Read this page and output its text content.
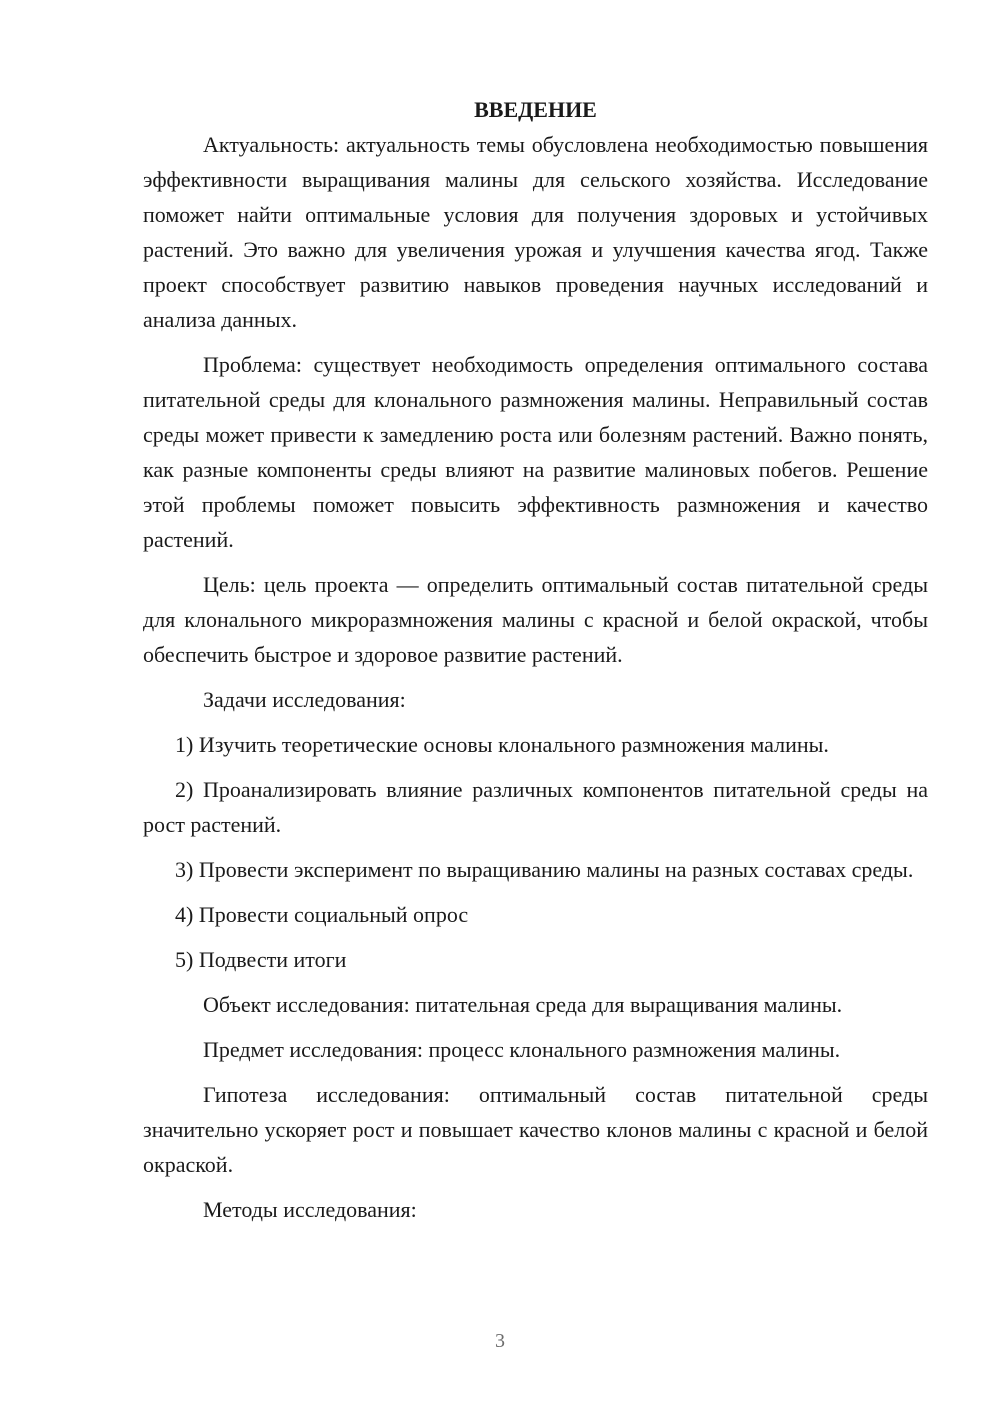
ВВЕДЕНИЕ

Актуальность: актуальность темы обусловлена необходимостью повышения эффективности выращивания малины для сельского хозяйства. Исследование поможет найти оптимальные условия для получения здоровых и устойчивых растений. Это важно для увеличения урожая и улучшения качества ягод. Также проект способствует развитию навыков проведения научных исследований и анализа данных.

Проблема: существует необходимость определения оптимального состава питательной среды для клонального размножения малины. Неправильный состав среды может привести к замедлению роста или болезням растений. Важно понять, как разные компоненты среды влияют на развитие малиновых побегов. Решение этой проблемы поможет повысить эффективность размножения и качество растений.

Цель: цель проекта — определить оптимальный состав питательной среды для клонального микроразмножения малины с красной и белой окраской, чтобы обеспечить быстрое и здоровое развитие растений.

Задачи исследования:

1) Изучить теоретические основы клонального размножения малины.

2) Проанализировать влияние различных компонентов питательной среды на рост растений.

3) Провести эксперимент по выращиванию малины на разных составах среды.

4) Провести социальный опрос

5) Подвести итоги

Объект исследования: питательная среда для выращивания малины.

Предмет исследования: процесс клонального размножения малины.

Гипотеза исследования: оптимальный состав питательной среды значительно ускоряет рост и повышает качество клонов малины с красной и белой окраской.

Методы исследования:

3
